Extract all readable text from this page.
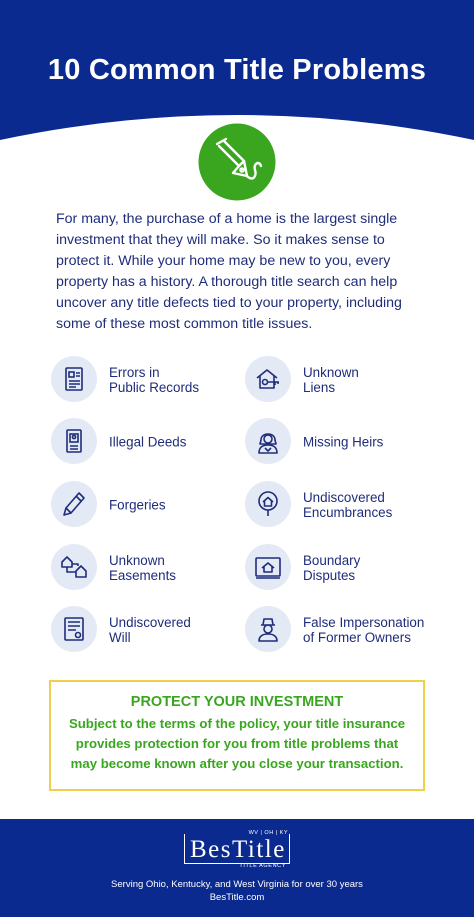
10 Common Title Problems
For many, the purchase of a home is the largest single investment that they will make. So it makes sense to protect it. While your home may be new to you, every property has a history. A thorough title search can help uncover any title defects tied to your property, including some of these most common title issues.
Errors in
Public Records
Unknown
Liens
Illegal Deeds	Missing Heirs
Forgeries	Undiscovered
Encumbrances
Unknown
Easements
Boundary
Disputes
Undiscovered
Will
False Impersonation
of Former Owners
PROTECT YOUR INVESTMENT
Subject to the terms of the policy, your title insurance provides protection for you from title problems that may become known after you close your transaction.
WV | OH | KY
BesTitle
TITLE AGENCY
Serving Ohio, Kentucky, and West Virginia for over 30 years
BesTitle.com
